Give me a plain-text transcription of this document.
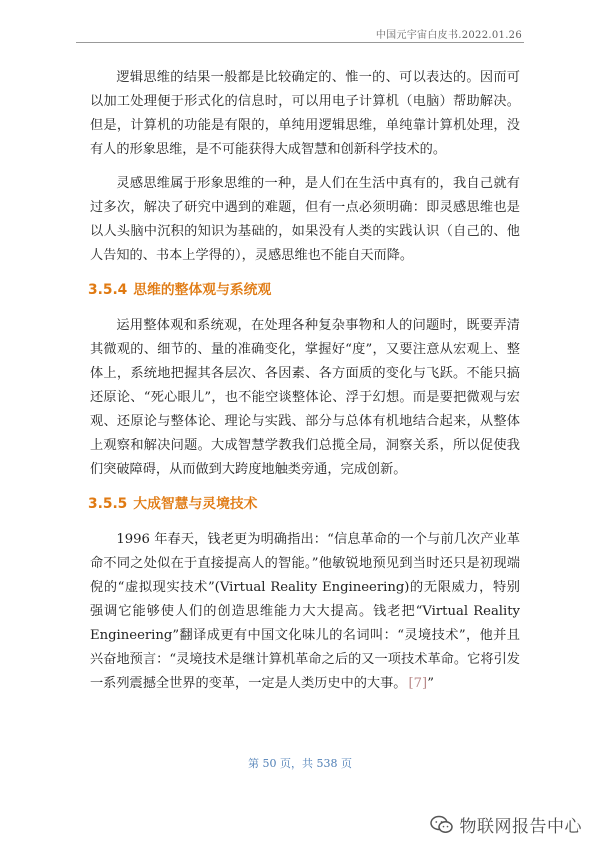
中国元宇宙白皮书.2022.01.26

逻辑思维的结果一般都是比较确定的、惟一的、可以表达的。因而可以加工处理便于形式化的信息时，可以用电子计算机（电脑）帮助解决。但是，计算机的功能是有限的，单纯用逻辑思维，单纯靠计算机处理，没有人的形象思维，是不可能获得大成智慧和创新科学技术的。

灵感思维属于形象思维的一种，是人们在生活中真有的，我自己就有过多次，解决了研究中遇到的难题，但有一点必须明确：即灵感思维也是以人头脑中沉积的知识为基础的，如果没有人类的实践认识（自己的、他人告知的、书本上学得的），灵感思维也不能自天而降。

3.5.4 思维的整体观与系统观

运用整体观和系统观，在处理各种复杂事物和人的问题时，既要弄清其微观的、细节的、量的准确变化，掌握好“度”，又要注意从宏观上、整体上，系统地把握其各层次、各因素、各方面质的变化与飞跃。不能只搞还原论、“死心眼儿”，也不能空谈整体论、浮于幻想。而是要把微观与宏观、还原论与整体论、理论与实践、部分与总体有机地结合起来，从整体上观察和解决问题。大成智慧学教我们总揽全局，洞察关系，所以促使我们突破障碍，从而做到大跨度地触类旁通，完成创新。

3.5.5 大成智慧与灵境技术

1996 年春天，钱老更为明确指出：“信息革命的一个与前几次产业革命不同之处似在于直接提高人的智能。”他敏锐地预见到当时还只是初现端倪的“虚拟现实技术”(Virtual Reality Engineering)的无限威力，特别强调它能够使人们的创造思维能力大大提高。钱老把“Virtual Reality Engineering”翻译成更有中国文化味儿的名词叫：“灵境技术”，他并且兴奋地预言：“灵境技术是继计算机革命之后的又一项技术革命。它将引发一系列震撼全世界的变革，一定是人类历史中的大事。 [7]”

第 50 页，共 538 页
物联网报告中心
